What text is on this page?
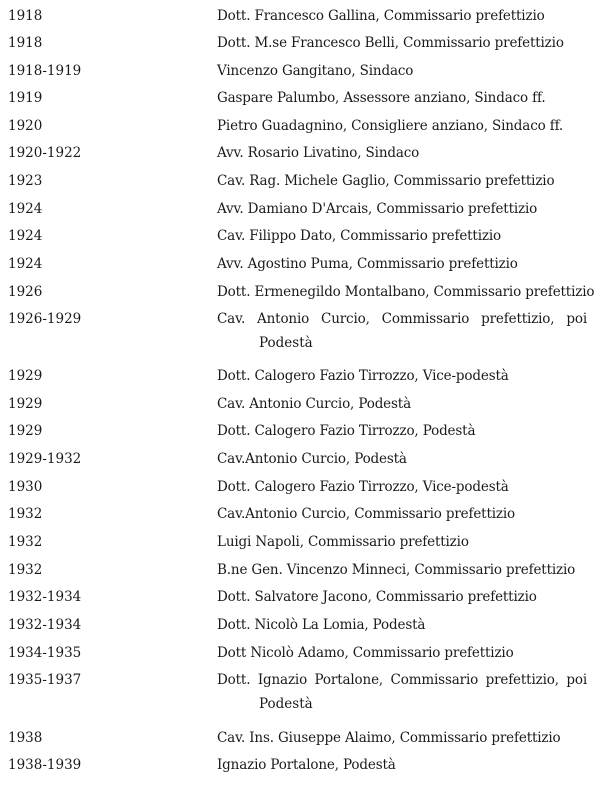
1918	Dott. Francesco Gallina, Commissario prefettizio
1918	Dott. M.se Francesco Belli, Commissario prefettizio
1918-1919	Vincenzo Gangitano, Sindaco
1919	Gaspare Palumbo, Assessore anziano, Sindaco ff.
1920	Pietro Guadagnino, Consigliere anziano, Sindaco ff.
1920-1922	Avv. Rosario Livatino, Sindaco
1923	Cav. Rag. Michele Gaglio, Commissario prefettizio
1924	Avv. Damiano D'Arcais, Commissario prefettizio
1924	Cav. Filippo Dato, Commissario prefettizio
1924	Avv. Agostino Puma, Commissario prefettizio
1926	Dott. Ermenegildo Montalbano, Commissario prefettizio
1926-1929	Cav. Antonio Curcio, Commissario prefettizio, poi
Podestà
1929	Dott. Calogero Fazio Tirrozzo, Vice-podestà
1929	Cav. Antonio Curcio, Podestà
1929	Dott. Calogero Fazio Tirrozzo, Podestà
1929-1932	Cav.Antonio Curcio, Podestà
1930	Dott. Calogero Fazio Tirrozzo, Vice-podestà
1932	Cav.Antonio Curcio, Commissario prefettizio
1932	Luigi Napoli, Commissario prefettizio
1932	B.ne Gen. Vincenzo Minneci, Commissario prefettizio
1932-1934	Dott. Salvatore Jacono, Commissario prefettizio
1932-1934	Dott. Nicolò La Lomia, Podestà
1934-1935	Dott Nicolò Adamo, Commissario prefettizio
1935-1937	Dott. Ignazio Portalone, Commissario prefettizio, poi
Podestà
1938	Cav. Ins. Giuseppe Alaimo, Commissario prefettizio
1938-1939	Ignazio Portalone, Podestà
